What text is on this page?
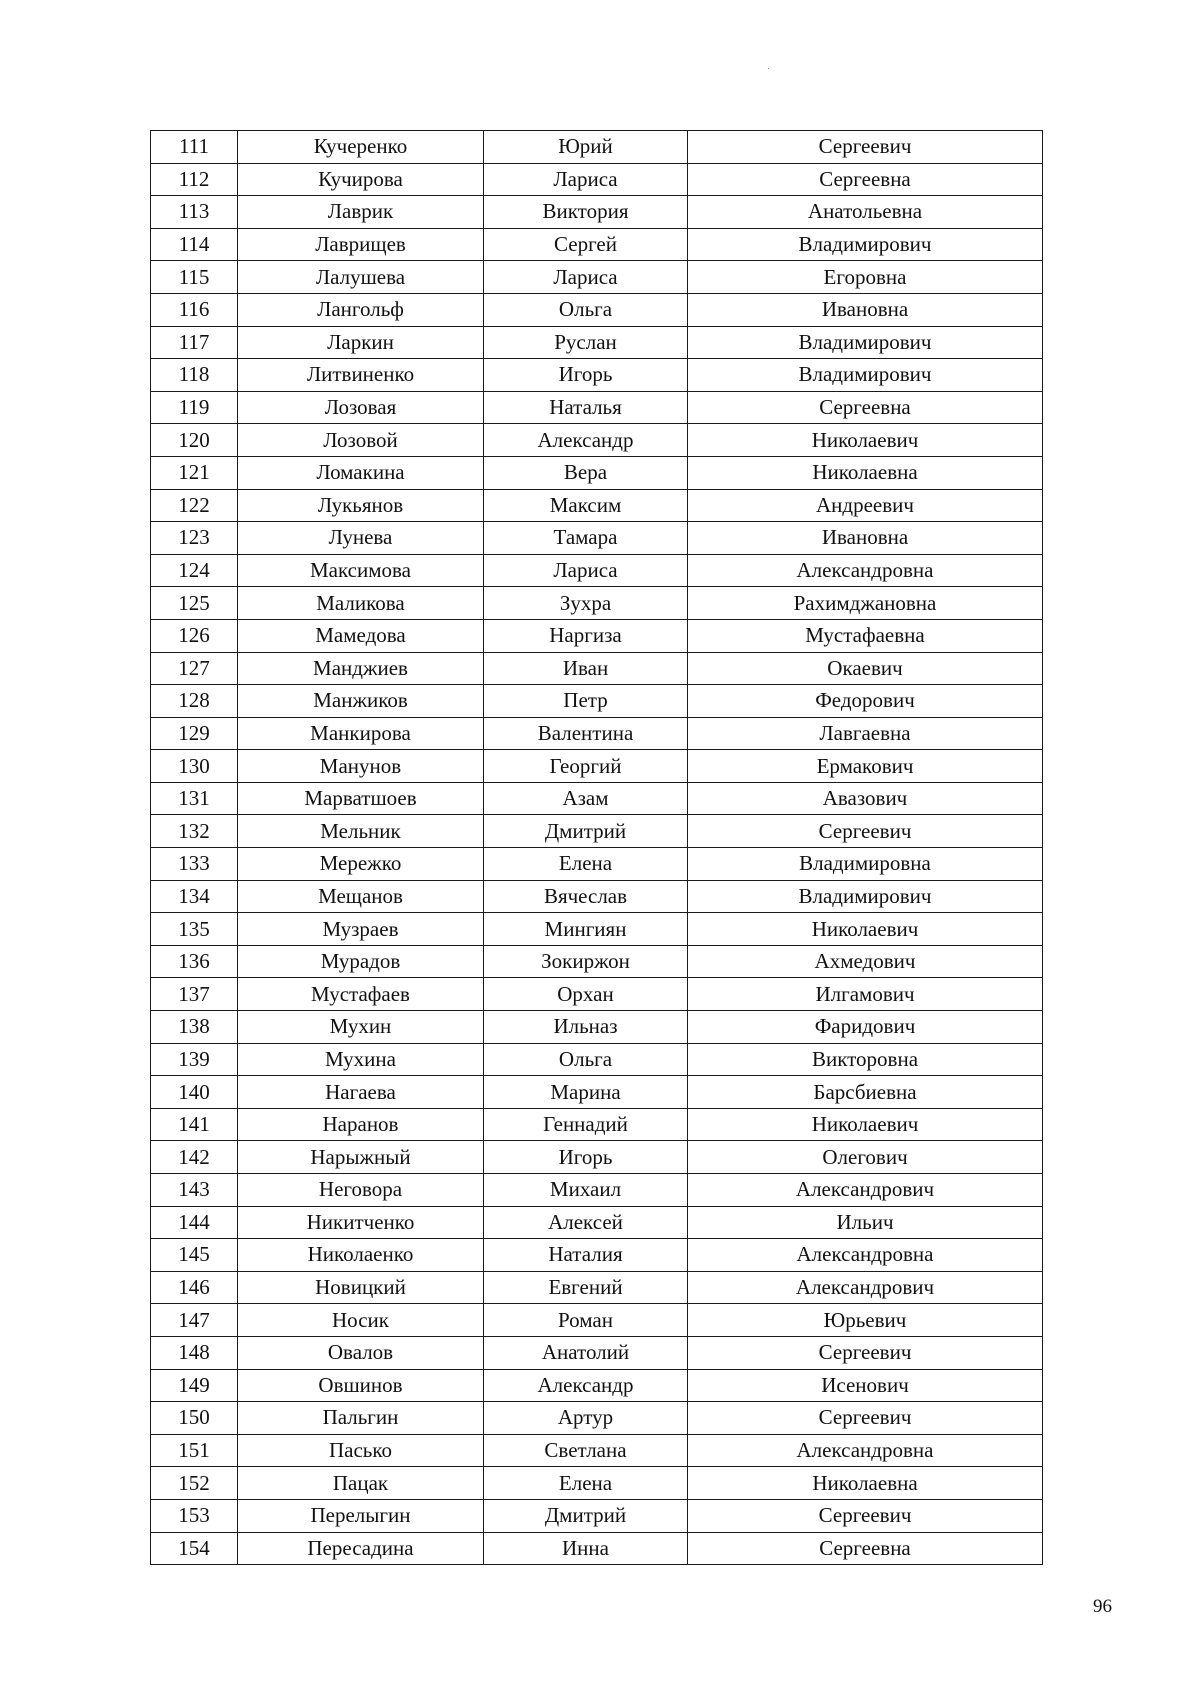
111	Кучеренко	Юрий	Сергеевич
112	Кучирова	Лариса	Сергеевна
113	Лаврик	Виктория	Анатольевна
114	Лаврищев	Сергей	Владимирович
115	Лалушева	Лариса	Егоровна
116	Лангольф	Ольга	Ивановна
117	Ларкин	Руслан	Владимирович
118	Литвиненко	Игорь	Владимирович
119	Лозовая	Наталья	Сергеевна
120	Лозовой	Александр	Николаевич
121	Ломакина	Вера	Николаевна
122	Лукьянов	Максим	Андреевич
123	Лунева	Тамара	Ивановна
124	Максимова	Лариса	Александровна
125	Маликова	Зухра	Рахимджановна
126	Мамедова	Наргиза	Мустафаевна
127	Манджиев	Иван	Окаевич
128	Манжиков	Петр	Федорович
129	Манкирова	Валентина	Лавгаевна
130	Манунов	Георгий	Ермакович
131	Марватшоев	Азам	Авазович
132	Мельник	Дмитрий	Сергеевич
133	Мережко	Елена	Владимировна
134	Мещанов	Вячеслав	Владимирович
135	Музраев	Мингиян	Николаевич
136	Мурадов	Зокиржон	Ахмедович
137	Мустафаев	Орхан	Илгамович
138	Мухин	Ильназ	Фаридович
139	Мухина	Ольга	Викторовна
140	Нагаева	Марина	Барсбиевна
141	Наранов	Геннадий	Николаевич
142	Нарыжный	Игорь	Олегович
143	Неговора	Михаил	Александрович
144	Никитченко	Алексей	Ильич
145	Николаенко	Наталия	Александровна
146	Новицкий	Евгений	Александрович
147	Носик	Роман	Юрьевич
148	Овалов	Анатолий	Сергеевич
149	Овшинов	Александр	Исенович
150	Пальгин	Артур	Сергеевич
151	Пасько	Светлана	Александровна
152	Пацак	Елена	Николаевна
153	Перелыгин	Дмитрий	Сергеевич
154	Пересадина	Инна	Сергеевна
96
